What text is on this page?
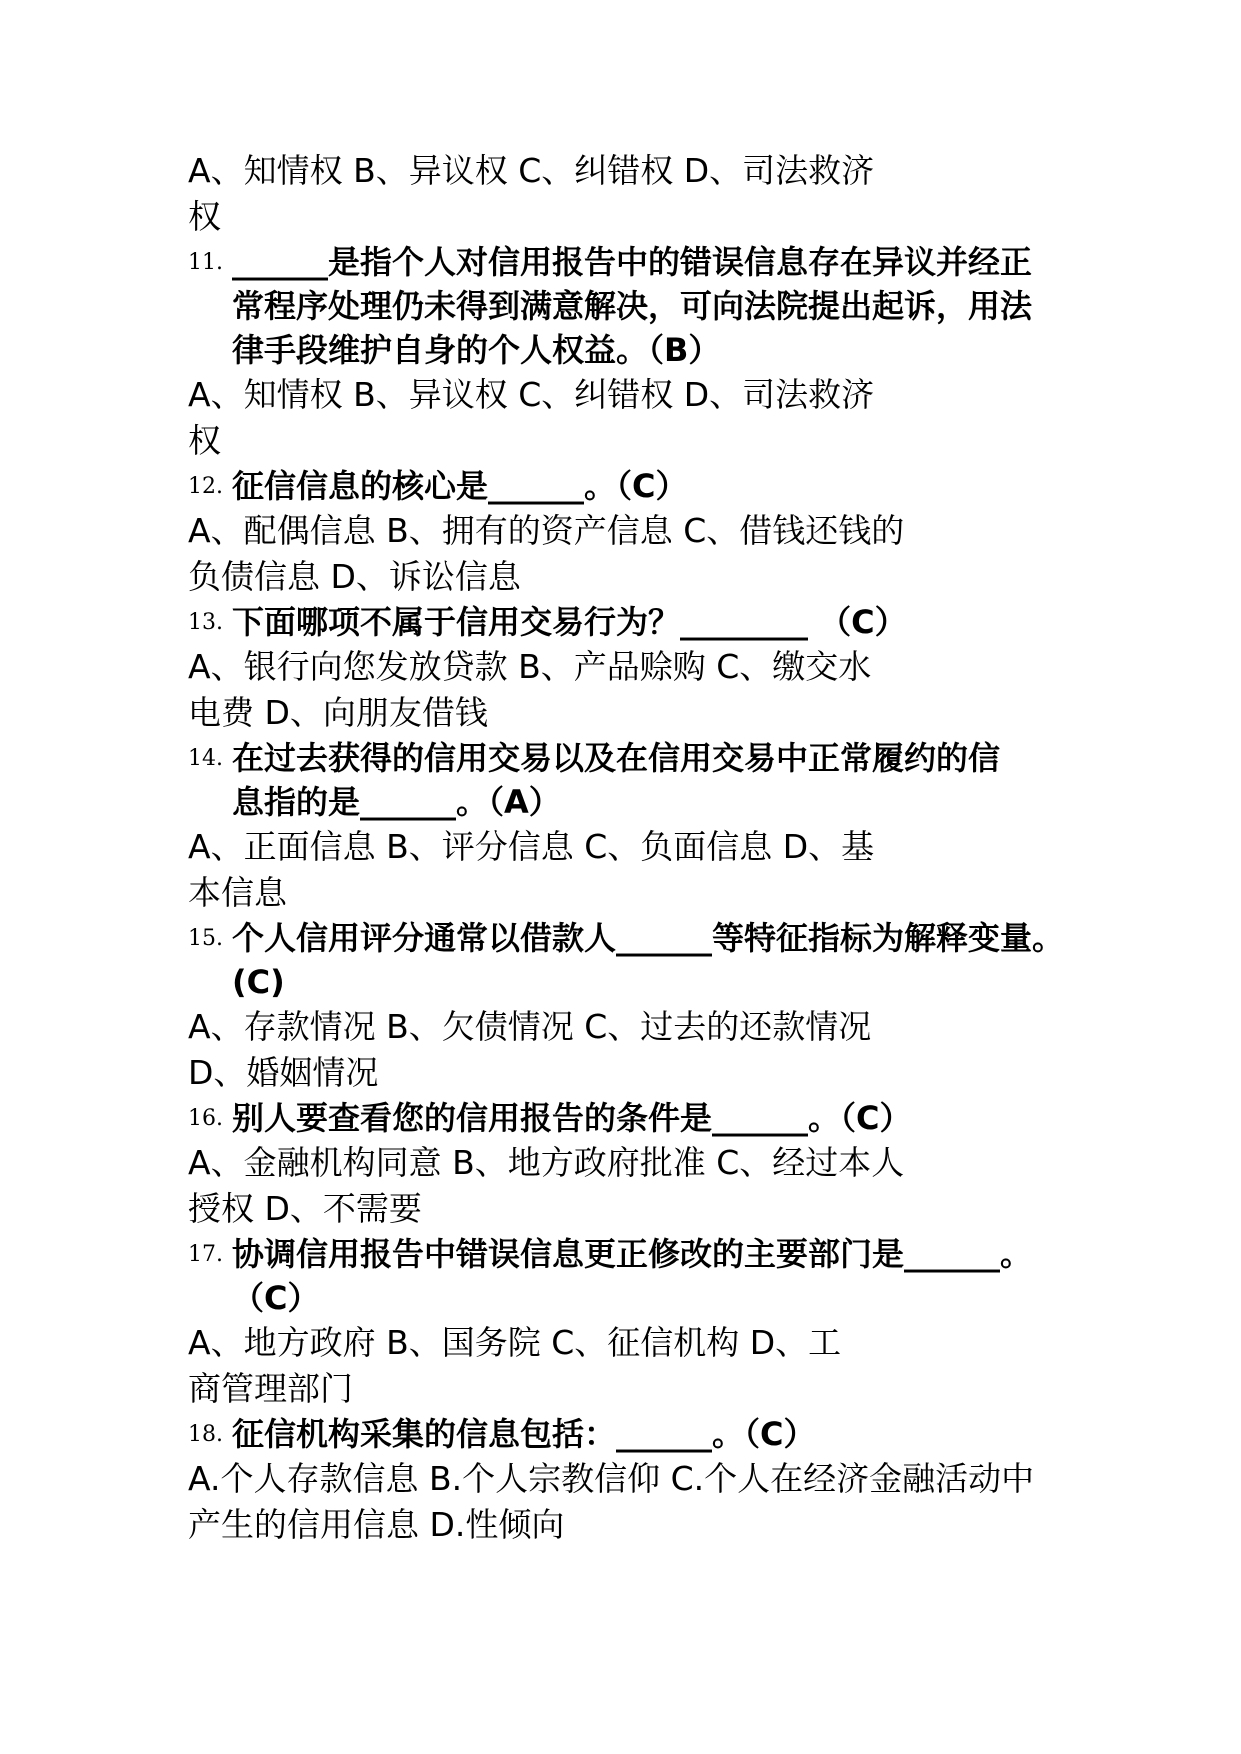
A、知情权 B、异议权 C、纠错权 D、司法救济

权

11. ______是指个人对信用报告中的错误信息存在异议并经正
常程序处理仍未得到满意解决，可向法院提出起诉，用法
律手段维护自身的个人权益。（B）

A、知情权 B、异议权 C、纠错权 D、司法救济

权

12. 征信信息的核心是______。（C）

A、配偶信息 B、拥有的资产信息 C、借钱还钱的

负债信息 D、诉讼信息

13. 下面哪项不属于信用交易行为？________ （C）

A、银行向您发放贷款 B、产品赊购 C、缴交水

电费 D、向朋友借钱

14. 在过去获得的信用交易以及在信用交易中正常履约的信
息指的是______。（A）

A、正面信息 B、评分信息 C、负面信息 D、基

本信息

15. 个人信用评分通常以借款人______等特征指标为解释变量。
(C)

A、存款情况 B、欠债情况 C、过去的还款情况

D、婚姻情况

16. 别人要查看您的信用报告的条件是______。（C）

A、金融机构同意 B、地方政府批准 C、经过本人

授权 D、不需要

17. 协调信用报告中错误信息更正修改的主要部门是______。
（C）

A、地方政府 B、国务院 C、征信机构 D、工

商管理部门

18. 征信机构采集的信息包括：______。（C）

A.个人存款信息 B.个人宗教信仰 C.个人在经济金融活动中

产生的信用信息 D.性倾向
